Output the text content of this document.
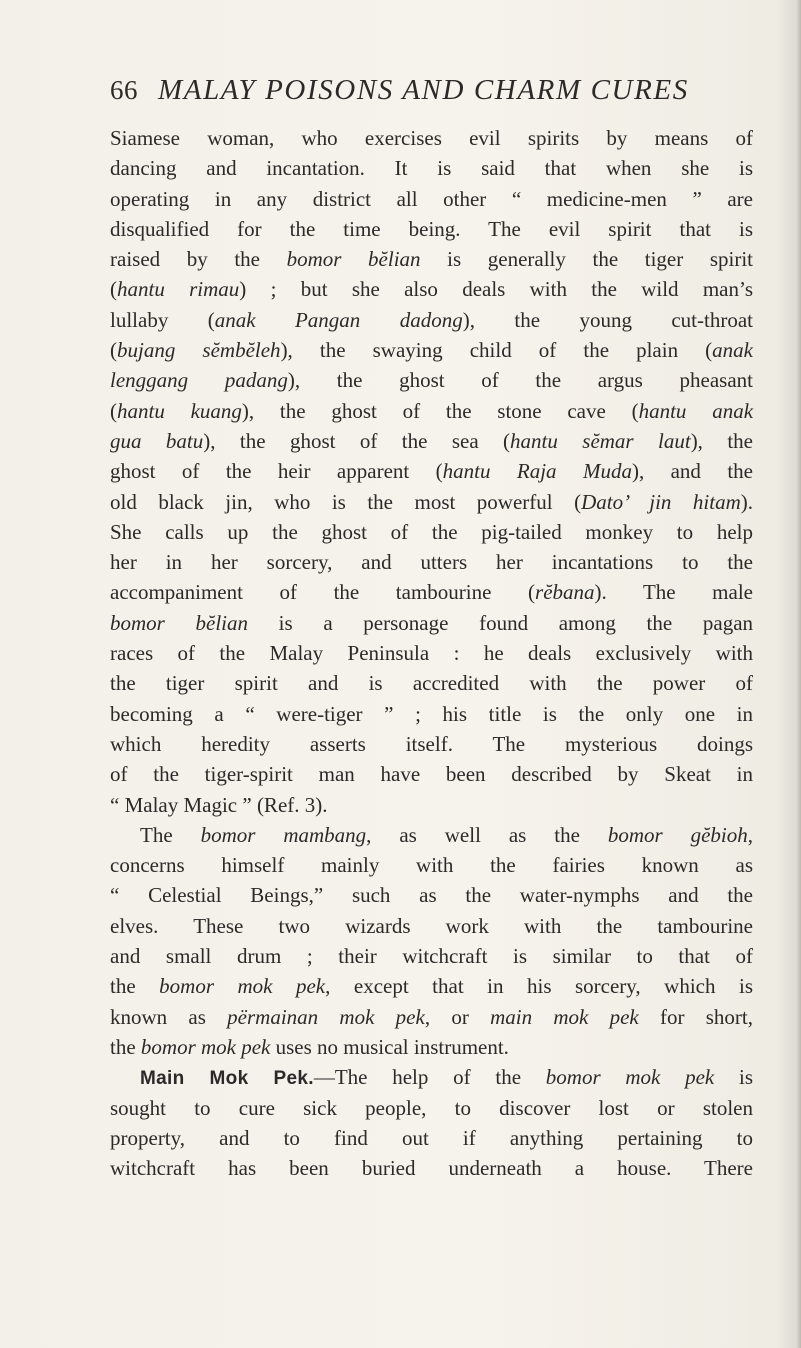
66 MALAY POISONS AND CHARM CURES
Siamese woman, who exercises evil spirits by means of
dancing and incantation. It is said that when she is
operating in any district all other “ medicine-men ” are
disqualified for the time being. The evil spirit that is
raised by the bomor bĕlian is generally the tiger spirit
(hantu rimau) ; but she also deals with the wild man’s
lullaby (anak Pangan dadong), the young cut-throat
(bujang sĕmbĕleh), the swaying child of the plain (anak
lenggang padang), the ghost of the argus pheasant
(hantu kuang), the ghost of the stone cave (hantu anak
gua batu), the ghost of the sea (hantu sĕmar laut), the
ghost of the heir apparent (hantu Raja Muda), and the
old black jin, who is the most powerful (Dato’ jin hitam).
She calls up the ghost of the pig-tailed monkey to help
her in her sorcery, and utters her incantations to the
accompaniment of the tambourine (rĕbana). The male
bomor bĕlian is a personage found among the pagan
races of the Malay Peninsula : he deals exclusively with
the tiger spirit and is accredited with the power of
becoming a “ were-tiger ” ; his title is the only one in
which heredity asserts itself. The mysterious doings
of the tiger-spirit man have been described by Skeat in
“ Malay Magic ” (Ref. 3).
The bomor mambang, as well as the bomor gĕbioh,
concerns himself mainly with the fairies known as
“ Celestial Beings,” such as the water-nymphs and the
elves. These two wizards work with the tambourine
and small drum ; their witchcraft is similar to that of
the bomor mok pek, except that in his sorcery, which is
known as përmainan mok pek, or main mok pek for short,
the bomor mok pek uses no musical instrument.
Main Mok Pek.—The help of the bomor mok pek is
sought to cure sick people, to discover lost or stolen
property, and to find out if anything pertaining to
witchcraft has been buried underneath a house. There
